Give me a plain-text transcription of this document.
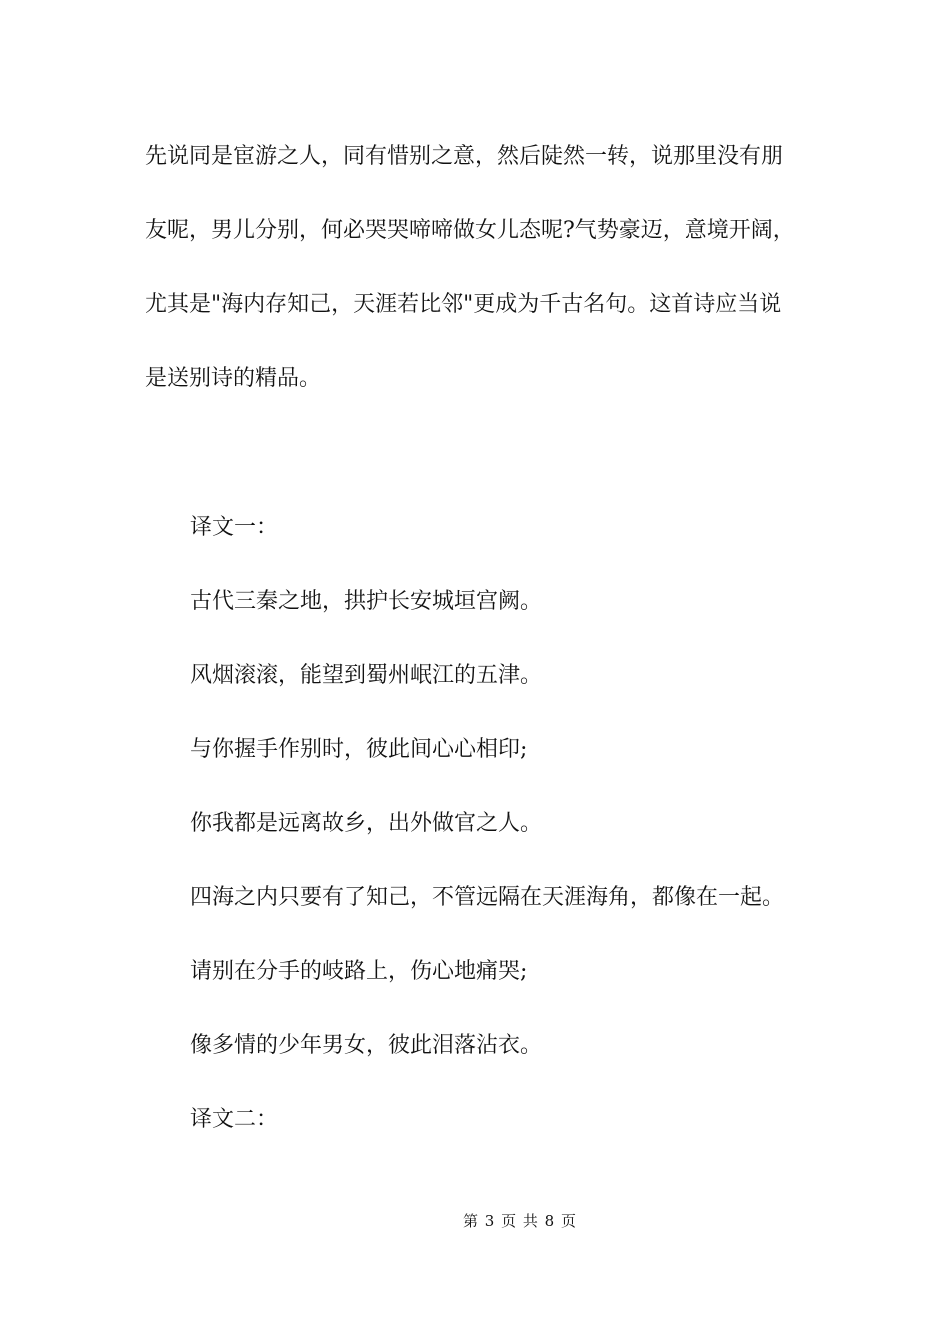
先说同是宦游之人，同有惜别之意，然后陡然一转，说那里没有朋

友呢，男儿分别，何必哭哭啼啼做女儿态呢?气势豪迈，意境开阔，

尤其是"海内存知己，天涯若比邻"更成为千古名句。这首诗应当说

是送别诗的精品。

译文一：

古代三秦之地，拱护长安城垣宫阙。

风烟滚滚，能望到蜀州岷江的五津。

与你握手作别时，彼此间心心相印;

你我都是远离故乡，出外做官之人。

四海之内只要有了知己，不管远隔在天涯海角，都像在一起。

请别在分手的岐路上，伤心地痛哭;

像多情的少年男女，彼此泪落沾衣。

译文二：

第 3 页 共 8 页
